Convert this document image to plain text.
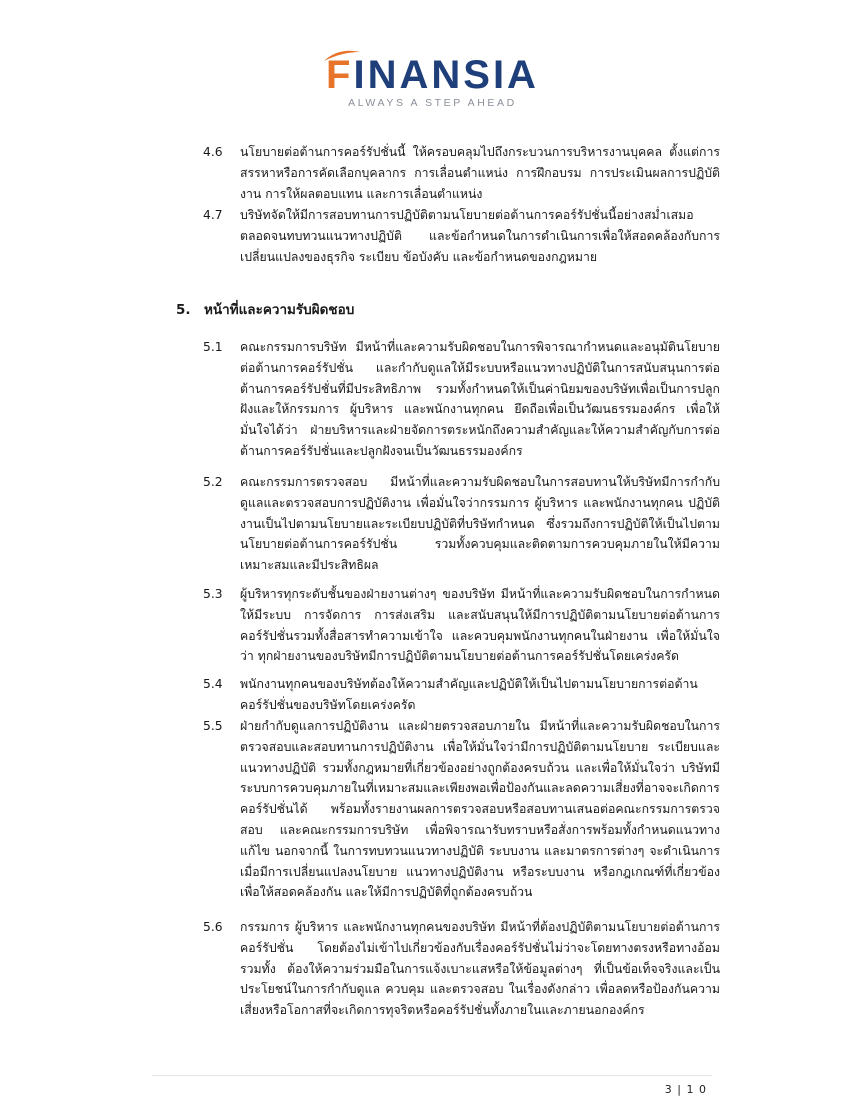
FINANSIA
ALWAYS A STEP AHEAD
4.6	นโยบายต่อต้านการคอร์รัปชั่นนี้ ให้ครอบคลุมไปถึงกระบวนการบริหารงานบุคคล ตั้งแต่การสรรหาหรือการคัดเลือกบุคลากร การเลื่อนตำแหน่ง การฝึกอบรม การประเมินผลการปฏิบัติงาน การให้ผลตอบแทน และการเลื่อนตำแหน่ง
4.7	บริษัทจัดให้มีการสอบทานการปฏิบัติตามนโยบายต่อต้านการคอร์รัปชั่นนี้อย่างสม่ำเสมอ ตลอดจนทบทวนแนวทางปฏิบัติ และข้อกำหนดในการดำเนินการเพื่อให้สอดคล้องกับการเปลี่ยนแปลงของธุรกิจ ระเบียบ ข้อบังคับ และข้อกำหนดของกฎหมาย
5. หน้าที่และความรับผิดชอบ
5.1	คณะกรรมการบริษัท มีหน้าที่และความรับผิดชอบในการพิจารณากำหนดและอนุมัตินโยบายต่อต้านการคอร์รัปชั่น และกำกับดูแลให้มีระบบหรือแนวทางปฏิบัติในการสนับสนุนการต่อต้านการคอร์รัปชั่นที่มีประสิทธิภาพ รวมทั้งกำหนดให้เป็นค่านิยมของบริษัทเพื่อเป็นการปลูกฝังและให้กรรมการ ผู้บริหาร และพนักงานทุกคน ยึดถือเพื่อเป็นวัฒนธรรมองค์กร เพื่อให้มั่นใจได้ว่า ฝ่ายบริหารและฝ่ายจัดการตระหนักถึงความสำคัญและให้ความสำคัญกับการต่อต้านการคอร์รัปชั่นและปลูกฝังจนเป็นวัฒนธรรมองค์กร
5.2	คณะกรรมการตรวจสอบ มีหน้าที่และความรับผิดชอบในการสอบทานให้บริษัทมีการกำกับดูแลและตรวจสอบการปฏิบัติงาน เพื่อมั่นใจว่ากรรมการ ผู้บริหาร และพนักงานทุกคน ปฏิบัติงานเป็นไปตามนโยบายและระเบียบปฏิบัติที่บริษัทกำหนด ซึ่งรวมถึงการปฏิบัติให้เป็นไปตามนโยบายต่อต้านการคอร์รัปชั่น รวมทั้งควบคุมและติดตามการควบคุมภายในให้มีความเหมาะสมและมีประสิทธิผล
5.3	ผู้บริหารทุกระดับชั้นของฝ่ายงานต่างๆ ของบริษัท มีหน้าที่และความรับผิดชอบในการกำหนดให้มีระบบ การจัดการ การส่งเสริม และสนับสนุนให้มีการปฏิบัติตามนโยบายต่อต้านการคอร์รัปชั่นรวมทั้งสื่อสารทำความเข้าใจ และควบคุมพนักงานทุกคนในฝ่ายงาน เพื่อให้มั่นใจว่า ทุกฝ่ายงานของบริษัทมีการปฏิบัติตามนโยบายต่อต้านการคอร์รัปชั่นโดยเคร่งครัด
5.4	พนักงานทุกคนของบริษัทต้องให้ความสำคัญและปฏิบัติให้เป็นไปตามนโยบายการต่อต้านคอร์รัปชั่นของบริษัทโดยเคร่งครัด
5.5	ฝ่ายกำกับดูแลการปฏิบัติงาน และฝ่ายตรวจสอบภายใน มีหน้าที่และความรับผิดชอบในการตรวจสอบและสอบทานการปฏิบัติงาน เพื่อให้มั่นใจว่ามีการปฏิบัติตามนโยบาย ระเบียบและแนวทางปฏิบัติ รวมทั้งกฎหมายที่เกี่ยวข้องอย่างถูกต้องครบถ้วน และเพื่อให้มั่นใจว่า บริษัทมีระบบการควบคุมภายในที่เหมาะสมและเพียงพอเพื่อป้องกันและลดความเสี่ยงที่อาจจะเกิดการคอร์รัปชั่นได้ พร้อมทั้งรายงานผลการตรวจสอบหรือสอบทานเสนอต่อคณะกรรมการตรวจสอบ และคณะกรรมการบริษัท เพื่อพิจารณารับทราบหรือสั่งการพร้อมทั้งกำหนดแนวทางแก้ไข นอกจากนี้ ในการทบทวนแนวทางปฏิบัติ ระบบงาน และมาตรการต่างๆ จะดำเนินการเมื่อมีการเปลี่ยนแปลงนโยบาย แนวทางปฏิบัติงาน หรือระบบงาน หรือกฎเกณฑ์ที่เกี่ยวข้องเพื่อให้สอดคล้องกัน และให้มีการปฏิบัติที่ถูกต้องครบถ้วน
5.6	กรรมการ ผู้บริหาร และพนักงานทุกคนของบริษัท มีหน้าที่ต้องปฏิบัติตามนโยบายต่อต้านการคอร์รัปชั่น โดยต้องไม่เข้าไปเกี่ยวข้องกับเรื่องคอร์รัปชั่นไม่ว่าจะโดยทางตรงหรือทางอ้อม รวมทั้ง ต้องให้ความร่วมมือในการแจ้งเบาะแสหรือให้ข้อมูลต่างๆ ที่เป็นข้อเท็จจริงและเป็นประโยชน์ในการกำกับดูแล ควบคุม และตรวจสอบ ในเรื่องดังกล่าว เพื่อลดหรือป้องกันความเสี่ยงหรือโอกาสที่จะเกิดการทุจริตหรือคอร์รัปชั่นทั้งภายในและภายนอกองค์กร
3 | 1 0
